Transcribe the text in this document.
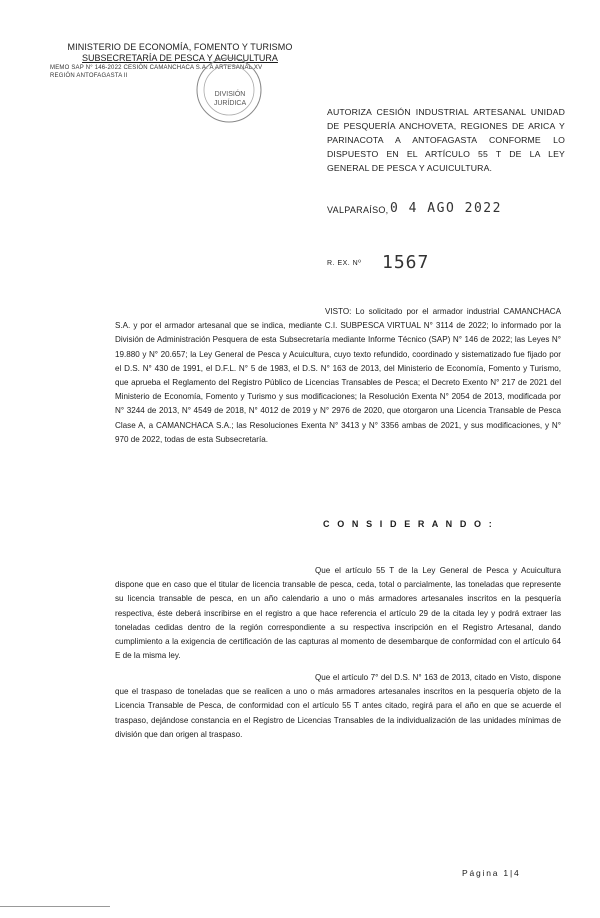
MINISTERIO DE ECONOMÍA, FOMENTO Y TURISMO
SUBSECRETARÍA DE PESCA Y ACUICULTURA
MEMO SAP N° 146-2022 CESIÓN CAMANCHACA S.A. A ARTESANAL XV
REGIÓN ANTOFAGASTA II
DIVISIÓN
JURÍDICA
AUTORIZA CESIÓN INDUSTRIAL ARTESANAL UNIDAD DE PESQUERÍA ANCHOVETA, REGIONES DE ARICA Y PARINACOTA A ANTOFAGASTA CONFORME LO DISPUESTO EN EL ARTÍCULO 55 T DE LA LEY GENERAL DE PESCA Y ACUICULTURA.
VALPARAÍSO, 0 4 AGO 2022
R. EX. Nº 1567
VISTO: Lo solicitado por el armador industrial CAMANCHACA S.A. y por el armador artesanal que se indica, mediante C.I. SUBPESCA VIRTUAL N° 3114 de 2022; lo informado por la División de Administración Pesquera de esta Subsecretaría mediante Informe Técnico (SAP) N° 146 de 2022; las Leyes N° 19.880 y N° 20.657; la Ley General de Pesca y Acuicultura, cuyo texto refundido, coordinado y sistematizado fue fijado por el D.S. N° 430 de 1991, el D.F.L. N° 5 de 1983, el D.S. N° 163 de 2013, del Ministerio de Economía, Fomento y Turismo, que aprueba el Reglamento del Registro Público de Licencias Transables de Pesca; el Decreto Exento N° 217 de 2021 del Ministerio de Economía, Fomento y Turismo y sus modificaciones; la Resolución Exenta N° 2054 de 2013, modificada por N° 3244 de 2013, N° 4549 de 2018, N° 4012 de 2019 y N° 2976 de 2020, que otorgaron una Licencia Transable de Pesca Clase A, a CAMANCHACA S.A.; las Resoluciones Exenta N° 3413 y N° 3356 ambas de 2021, y sus modificaciones, y N° 970 de 2022, todas de esta Subsecretaría.
C O N S I D E R A N D O :
Que el artículo 55 T de la Ley General de Pesca y Acuicultura dispone que en caso que el titular de licencia transable de pesca, ceda, total o parcialmente, las toneladas que represente su licencia transable de pesca, en un año calendario a uno o más armadores artesanales inscritos en la pesquería respectiva, éste deberá inscribirse en el registro a que hace referencia el artículo 29 de la citada ley y podrá extraer las toneladas cedidas dentro de la región correspondiente a su respectiva inscripción en el Registro Artesanal, dando cumplimiento a la exigencia de certificación de las capturas al momento de desembarque de conformidad con el artículo 64 E de la misma ley.
Que el artículo 7° del D.S. N° 163 de 2013, citado en Visto, dispone que el traspaso de toneladas que se realicen a uno o más armadores artesanales inscritos en la pesquería objeto de la Licencia Transable de Pesca, de conformidad con el artículo 55 T antes citado, regirá para el año en que se acuerde el traspaso, dejándose constancia en el Registro de Licencias Transables de la individualización de las unidades mínimas de división que dan origen al traspaso.
Página 1|4
